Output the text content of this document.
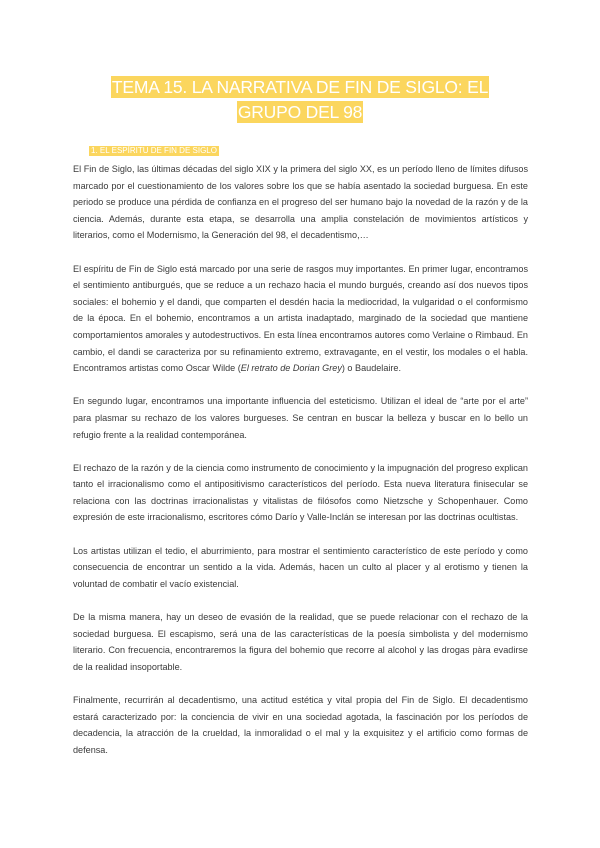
TEMA 15. LA NARRATIVA DE FIN DE SIGLO: EL
GRUPO DEL 98
1. EL ESPÍRITU DE FIN DE SIGLO

El Fin de Siglo, las últimas décadas del siglo XIX y la primera del siglo XX, es un período lleno de límites difusos marcado por el cuestionamiento de los valores sobre los que se había asentado la sociedad burguesa. En este periodo se produce una pérdida de confianza en el progreso del ser humano bajo la novedad de la razón y de la ciencia. Además, durante esta etapa, se desarrolla una amplia constelación de movimientos artísticos y literarios, como el Modernismo, la Generación del 98, el decadentismo,…

El espíritu de Fin de Siglo está marcado por una serie de rasgos muy importantes. En primer lugar, encontramos el sentimiento antiburgués, que se reduce a un rechazo hacia el mundo burgués, creando así dos nuevos tipos sociales: el bohemio y el dandi, que comparten el desdén hacia la mediocridad, la vulgaridad o el conformismo de la época. En el bohemio, encontramos a un artista inadaptado, marginado de la sociedad que mantiene comportamientos amorales y autodestructivos. En esta línea encontramos autores como Verlaine o Rimbaud. En cambio, el dandi se caracteriza por su refinamiento extremo, extravagante, en el vestir, los modales o el habla. Encontramos artistas como Oscar Wilde (El retrato de Dorian Grey) o Baudelaire.

En segundo lugar, encontramos una importante influencia del esteticismo. Utilizan el ideal de “arte por el arte” para plasmar su rechazo de los valores burgueses. Se centran en buscar la belleza y buscar en lo bello un refugio frente a la realidad contemporánea.

El rechazo de la razón y de la ciencia como instrumento de conocimiento y la impugnación del progreso explican tanto el irracionalismo como el antipositivismo característicos del período. Esta nueva literatura finisecular se relaciona con las doctrinas irracionalistas y vitalistas de filósofos como Nietzsche y Schopenhauer. Como expresión de este irracionalismo, escritores cómo Darío y Valle-Inclán se interesan por las doctrinas ocultistas.

Los artistas utilizan el tedio, el aburrimiento, para mostrar el sentimiento característico de este período y como consecuencia de encontrar un sentido a la vida. Además, hacen un culto al placer y al erotismo y tienen la voluntad de combatir el vacío existencial.

De la misma manera, hay un deseo de evasión de la realidad, que se puede relacionar con el rechazo de la sociedad burguesa. El escapismo, será una de las características de la poesía simbolista y del modernismo literario. Con frecuencia, encontraremos la figura del bohemio que recorre al alcohol y las drogas pàra evadirse de la realidad insoportable.

Finalmente, recurrirán al decadentismo, una actitud estética y vital propia del Fin de Siglo. El decadentismo estará caracterizado por: la conciencia de vivir en una sociedad agotada, la fascinación por los períodos de decadencia, la atracción de la crueldad, la inmoralidad o el mal y la exquisitez y el artificio como formas de defensa.
